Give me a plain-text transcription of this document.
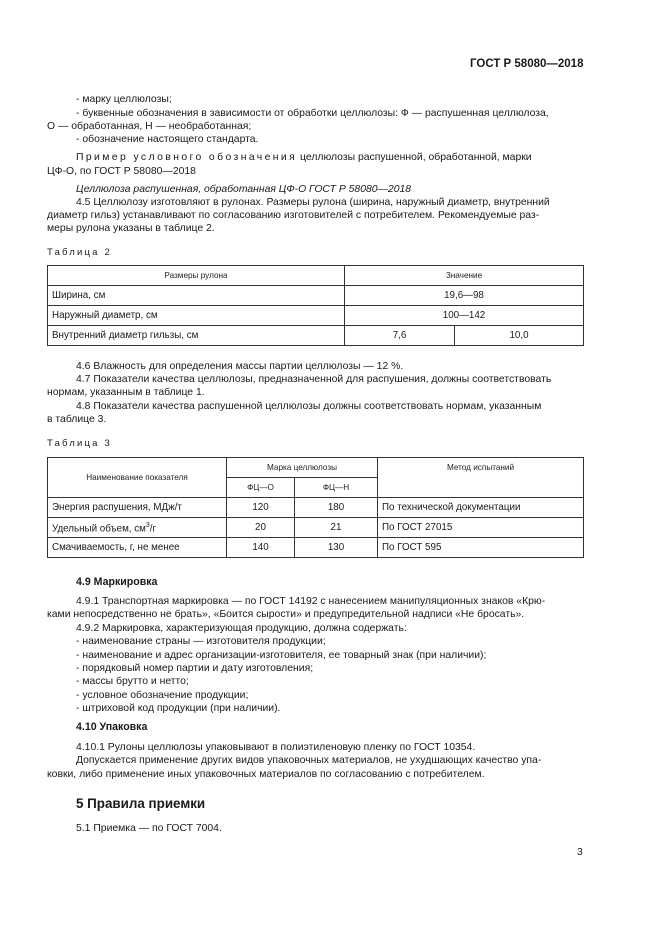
ГОСТ Р 58080—2018
- марку целлюлозы;
- буквенные обозначения в зависимости от обработки целлюлозы: Ф — распушенная целлюлоза,
О — обработанная, Н — необработанная;
- обозначение настоящего стандарта.
Пример условного обозначения целлюлозы распушенной, обработанной, марки
ЦФ-О, по ГОСТ Р 58080—2018
Целлюлоза распушенная, обработанная ЦФ-О ГОСТ Р 58080—2018
4.5 Целлюлозу изготовляют в рулонах. Размеры рулона (ширина, наружный диаметр, внутренний
диаметр гильз) устанавливают по согласованию изготовителей с потребителем. Рекомендуемые раз-
меры рулона указаны в таблице 2.
Таблица 2
Размеры рулона	Значение	
Ширина, см	19,6—98	
Наружный диаметр, см	100—142	
Внутренний диаметр гильзы, см	7,6	10,0
4.6 Влажность для определения массы партии целлюлозы — 12 %.
4.7 Показатели качества целлюлозы, предназначенной для распушения, должны соответствовать
нормам, указанным в таблице 1.
4.8 Показатели качества распушенной целлюлозы должны соответствовать нормам, указанным
в таблице 3.
Таблица 3
Наименование показателя	Марка целлюлозы		Метод испытаний
	ФЦ—О	ФЦ—Н	
Энергия распушения, МДж/т	120	180	По технической документации
Удельный объем, $см^3/г$	20	21	По ГОСТ 27015
Смачиваемость, г, не менее	140	130	По ГОСТ 595
4.9 Маркировка
4.9.1 Транспортная маркировка — по ГОСТ 14192 с нанесением манипуляционных знаков «Крю-
ками непосредственно не брать», «Боится сырости» и предупредительной надписи «Не бросать».
4.9.2 Маркировка, характеризующая продукцию, должна содержать:
- наименование страны — изготовителя продукции;
- наименование и адрес организации-изготовителя, ее товарный знак (при наличии);
- порядковый номер партии и дату изготовления;
- массы брутто и нетто;
- условное обозначение продукции;
- штриховой код продукции (при наличии).
4.10 Упаковка
4.10.1 Рулоны целлюлозы упаковывают в полиэтиленовую пленку по ГОСТ 10354.
Допускается применение других видов упаковочных материалов, не ухудшающих качество упа-
ковки, либо применение иных упаковочных материалов по согласованию с потребителем.
5 Правила приемки
5.1 Приемка — по ГОСТ 7004.
3
